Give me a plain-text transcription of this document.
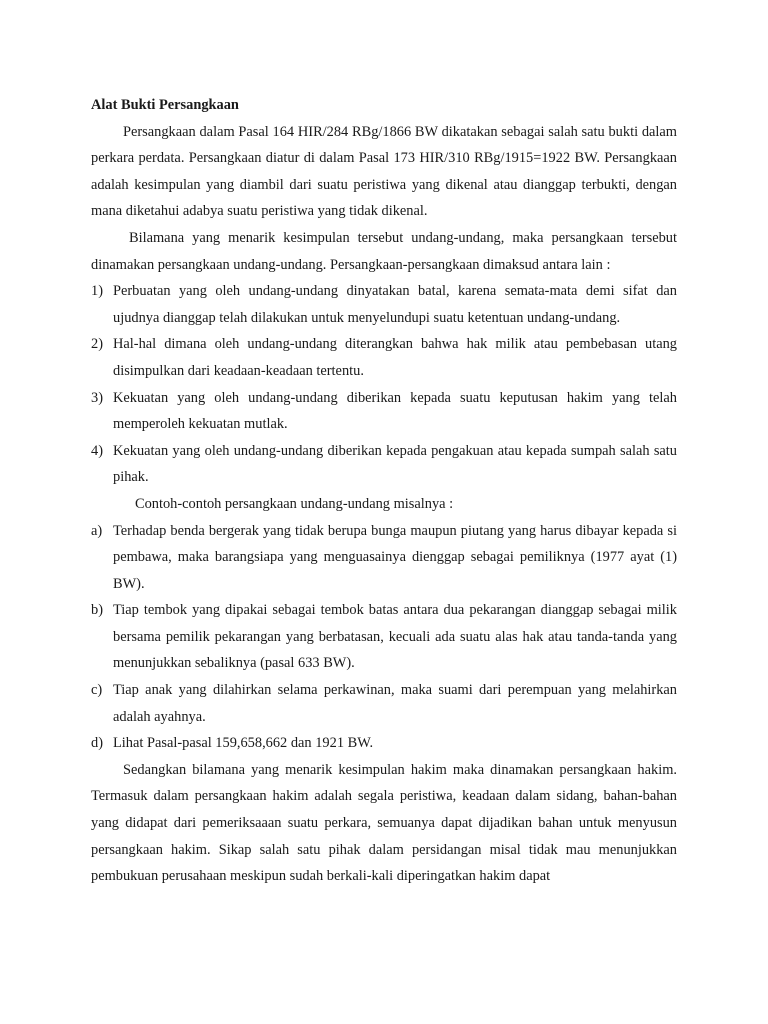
Alat Bukti Persangkaan

Persangkaan dalam Pasal 164 HIR/284 RBg/1866 BW dikatakan sebagai salah satu bukti dalam perkara perdata. Persangkaan diatur di dalam Pasal 173 HIR/310 RBg/1915=1922 BW. Persangkaan adalah kesimpulan yang diambil dari suatu peristiwa yang dikenal atau dianggap terbukti, dengan mana diketahui adabya suatu peristiwa yang tidak dikenal.

Bilamana yang menarik kesimpulan tersebut undang-undang, maka persangkaan tersebut dinamakan persangkaan undang-undang. Persangkaan-persangkaan dimaksud antara lain :

1) Perbuatan yang oleh undang-undang dinyatakan batal, karena semata-mata demi sifat dan ujudnya dianggap telah dilakukan untuk menyelundupi suatu ketentuan undang-undang.
2) Hal-hal dimana oleh undang-undang diterangkan bahwa hak milik atau pembebasan utang disimpulkan dari keadaan-keadaan tertentu.
3) Kekuatan yang oleh undang-undang diberikan kepada suatu keputusan hakim yang telah memperoleh kekuatan mutlak.
4) Kekuatan yang oleh undang-undang diberikan kepada pengakuan atau kepada sumpah salah satu pihak.

Contoh-contoh persangkaan undang-undang misalnya :

a) Terhadap benda bergerak yang tidak berupa bunga maupun piutang yang harus dibayar kepada si pembawa, maka barangsiapa yang menguasainya dienggap sebagai pemiliknya (1977 ayat (1) BW).
b) Tiap tembok yang dipakai sebagai tembok batas antara dua pekarangan dianggap sebagai milik bersama pemilik pekarangan yang berbatasan, kecuali ada suatu alas hak atau tanda-tanda yang menunjukkan sebaliknya (pasal 633 BW).
c) Tiap anak yang dilahirkan selama perkawinan, maka suami dari perempuan yang melahirkan adalah ayahnya.
d) Lihat Pasal-pasal 159,658,662 dan 1921 BW.

Sedangkan bilamana yang menarik kesimpulan hakim maka dinamakan persangkaan hakim. Termasuk dalam persangkaan hakim adalah segala peristiwa, keadaan dalam sidang, bahan-bahan yang didapat dari pemeriksaaan suatu perkara, semuanya dapat dijadikan bahan untuk menyusun persangkaan hakim. Sikap salah satu pihak dalam persidangan misal tidak mau menunjukkan pembukuan perusahaan meskipun sudah berkali-kali diperingatkan hakim dapat
